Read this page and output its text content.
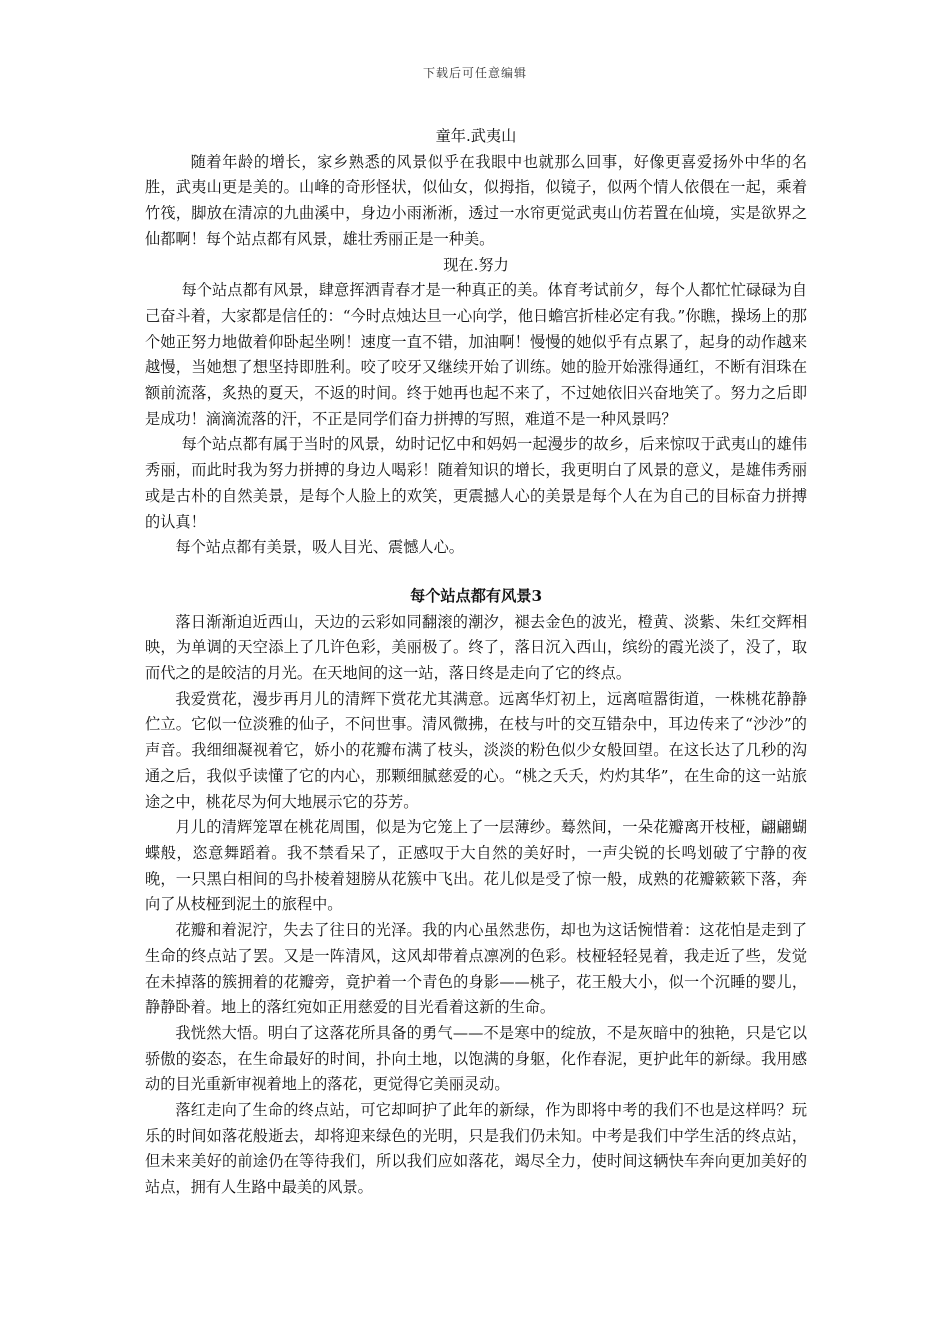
下载后可任意编辑

童年.武夷山

随着年龄的增长，家乡熟悉的风景似乎在我眼中也就那么回事，好像更喜爱扬外中华的名胜，武夷山更是美的。山峰的奇形怪状，似仙女，似拇指，似镜子，似两个情人依偎在一起，乘着竹筏，脚放在清凉的九曲溪中，身边小雨淅淅，透过一水帘更觉武夷山仿若置在仙境，实是欲界之仙都啊！每个站点都有风景，雄壮秀丽正是一种美。

现在.努力

每个站点都有风景，肆意挥洒青春才是一种真正的美。体育考试前夕，每个人都忙忙碌碌为自己奋斗着，大家都是信任的：“今时点烛达旦一心向学，他日蟾宫折桂必定有我。”你瞧，操场上的那个她正努力地做着仰卧起坐咧！速度一直不错，加油啊！慢慢的她似乎有点累了，起身的动作越来越慢，当她想了想坚持即胜利。咬了咬牙又继续开始了训练。她的脸开始涨得通红，不断有泪珠在额前流落，炙热的夏天，不返的时间。终于她再也起不来了，不过她依旧兴奋地笑了。努力之后即是成功！滴滴流落的汗，不正是同学们奋力拼搏的写照，难道不是一种风景吗？

每个站点都有属于当时的风景，幼时记忆中和妈妈一起漫步的故乡，后来惊叹于武夷山的雄伟秀丽，而此时我为努力拼搏的身边人喝彩！随着知识的增长，我更明白了风景的意义，是雄伟秀丽或是古朴的自然美景，是每个人脸上的欢笑，更震撼人心的美景是每个人在为自己的目标奋力拼搏的认真！

每个站点都有美景，吸人目光、震憾人心。

每个站点都有风景3

落日渐渐迫近西山，天边的云彩如同翻滚的潮汐，褪去金色的波光，橙黄、淡紫、朱红交辉相映，为单调的天空添上了几许色彩，美丽极了。终了，落日沉入西山，缤纷的霞光淡了，没了，取而代之的是皎洁的月光。在天地间的这一站，落日终是走向了它的终点。

我爱赏花，漫步再月儿的清辉下赏花尤其满意。远离华灯初上，远离喧嚣街道，一株桃花静静伫立。它似一位淡雅的仙子，不问世事。清风微拂，在枝与叶的交互错杂中，耳边传来了“沙沙”的声音。我细细凝视着它，娇小的花瓣布满了枝头，淡淡的粉色似少女般回望。在这长达了几秒的沟通之后，我似乎读懂了它的内心，那颗细腻慈爱的心。“桃之夭夭，灼灼其华”，在生命的这一站旅途之中，桃花尽为何大地展示它的芬芳。

月儿的清辉笼罩在桃花周围，似是为它笼上了一层薄纱。蓦然间，一朵花瓣离开枝桠，翩翩蝴蝶般，恣意舞蹈着。我不禁看呆了，正感叹于大自然的美好时，一声尖锐的长鸣划破了宁静的夜晚，一只黑白相间的鸟扑棱着翅膀从花簇中飞出。花儿似是受了惊一般，成熟的花瓣簌簌下落，奔向了从枝桠到泥土的旅程中。

花瓣和着泥泞，失去了往日的光泽。我的内心虽然悲伤，却也为这话惋惜着：这花怕是走到了生命的终点站了罢。又是一阵清风，这风却带着点凛冽的色彩。枝桠轻轻晃着，我走近了些，发觉在未掉落的簇拥着的花瓣旁，竟护着一个青色的身影——桃子，花王般大小，似一个沉睡的婴儿，静静卧着。地上的落红宛如正用慈爱的目光看着这新的生命。

我恍然大悟。明白了这落花所具备的勇气——不是寒中的绽放，不是灰暗中的独艳，只是它以骄傲的姿态，在生命最好的时间，扑向土地，以饱满的身躯，化作春泥，更护此年的新绿。我用感动的目光重新审视着地上的落花，更觉得它美丽灵动。

落红走向了生命的终点站，可它却呵护了此年的新绿，作为即将中考的我们不也是这样吗？玩乐的时间如落花般逝去，却将迎来绿色的光明，只是我们仍未知。中考是我们中学生活的终点站，但未来美好的前途仍在等待我们，所以我们应如落花，竭尽全力，使时间这辆快车奔向更加美好的站点，拥有人生路中最美的风景。
